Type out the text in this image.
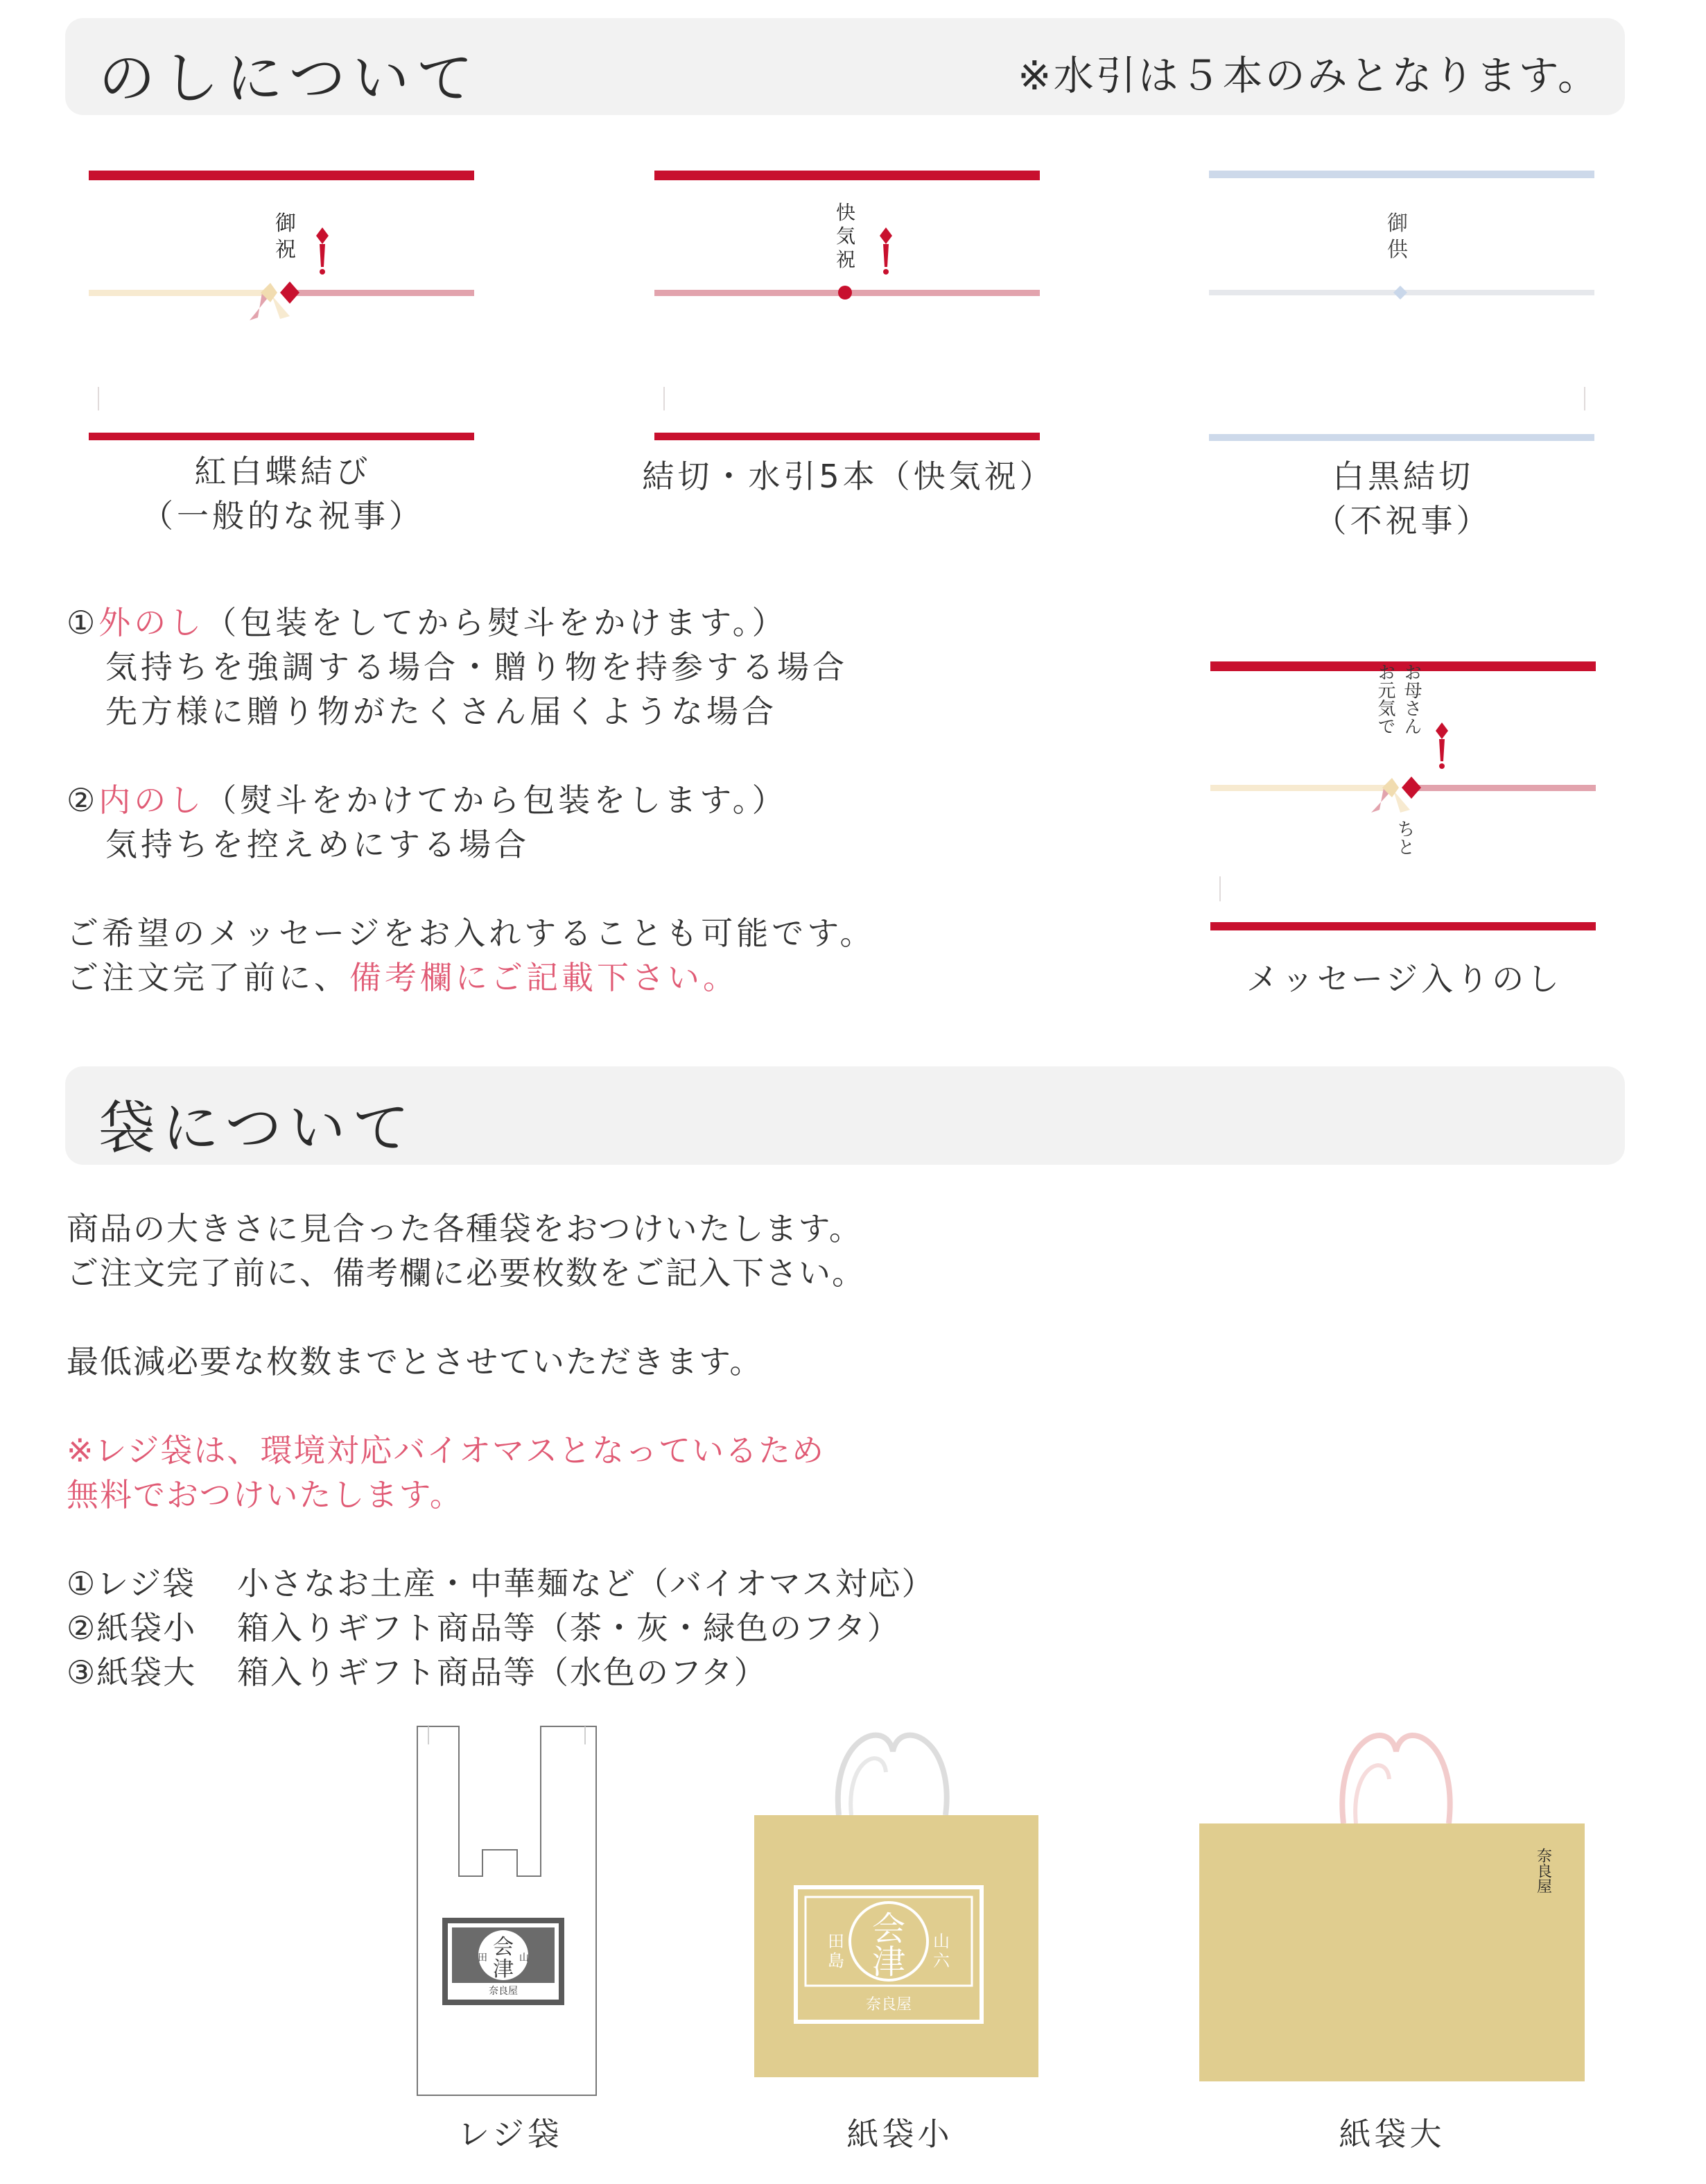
のしについて	※水引は５本のみとなります。
御
祝
紅白蝶結び
（一般的な祝事）
快
気
祝
結切・水引5本（快気祝）
御
供
白黒結切
（不祝事）
①外のし（包装をしてから熨斗をかけます。）
気持ちを強調する場合・贈り物を持参する場合
先方様に贈り物がたくさん届くような場合
②内のし（熨斗をかけてから包装をします。）
気持ちを控えめにする場合
ご希望のメッセージをお入れすることも可能です。
ご注文完了前に、備考欄にご記載下さい。
お母さん
お元気で
ちと
メッセージ入りのし
袋について
商品の大きさに見合った各種袋をおつけいたします。
ご注文完了前に、備考欄に必要枚数をご記入下さい。
最低減必要な枚数までとさせていただきます。
※レジ袋は、環境対応バイオマスとなっているため
無料でおつけいたします。
①レジ袋 小さなお土産・中華麺など（バイオマス対応）
②紙袋小 箱入りギフト商品等（茶・灰・緑色のフタ）
③紙袋大 箱入りギフト商品等（水色のフタ）
会
津
田	山
奈良屋
レジ袋
会
津
田
島
山
六
奈良屋
紙袋小
奈良屋
紙袋大
